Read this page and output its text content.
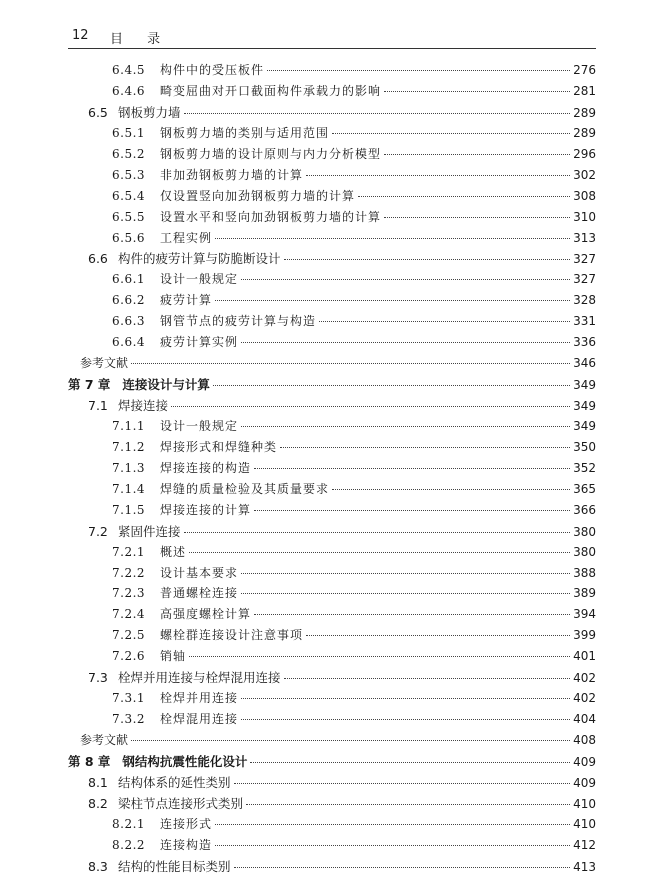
12 目 录
6.4.5 构件中的受压板件	276
6.4.6 畸变屈曲对开口截面构件承载力的影响	281
6.5 钢板剪力墙	289
6.5.1 钢板剪力墙的类别与适用范围	289
6.5.2 钢板剪力墙的设计原则与内力分析模型	296
6.5.3 非加劲钢板剪力墙的计算	302
6.5.4 仅设置竖向加劲钢板剪力墙的计算	308
6.5.5 设置水平和竖向加劲钢板剪力墙的计算	310
6.5.6 工程实例	313
6.6 构件的疲劳计算与防脆断设计	327
6.6.1 设计一般规定	327
6.6.2 疲劳计算	328
6.6.3 钢管节点的疲劳计算与构造	331
6.6.4 疲劳计算实例	336
参考文献	346
第 7 章 连接设计与计算	349
7.1 焊接连接	349
7.1.1 设计一般规定	349
7.1.2 焊接形式和焊缝种类	350
7.1.3 焊接连接的构造	352
7.1.4 焊缝的质量检验及其质量要求	365
7.1.5 焊接连接的计算	366
7.2 紧固件连接	380
7.2.1 概述	380
7.2.2 设计基本要求	388
7.2.3 普通螺栓连接	389
7.2.4 高强度螺栓计算	394
7.2.5 螺栓群连接设计注意事项	399
7.2.6 销轴	401
7.3 栓焊并用连接与栓焊混用连接	402
7.3.1 栓焊并用连接	402
7.3.2 栓焊混用连接	404
参考文献	408
第 8 章 钢结构抗震性能化设计	409
8.1 结构体系的延性类别	409
8.2 梁柱节点连接形式类别	410
8.2.1 连接形式	410
8.2.2 连接构造	412
8.3 结构的性能目标类别	413
